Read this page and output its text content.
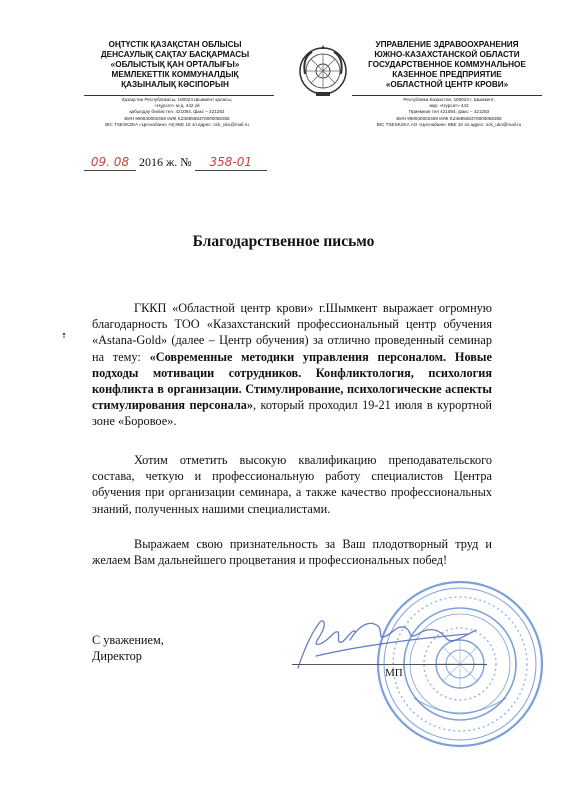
ОҢТҮСТІК ҚАЗАҚСТАН ОБЛЫСЫ
ДЕНСАУЛЫҚ САҚТАУ БАСҚАРМАСЫ
«ОБЛЫСТЫҚ ҚАН ОРТАЛЫҒЫ»
МЕМЛЕКЕТТІК КОММУНАЛДЫҚ
ҚАЗЫНАЛЫҚ КӘСІПОРЫН
УПРАВЛЕНИЕ ЗДРАВООХРАНЕНИЯ
ЮЖНО-КАЗАХСТАНСКОЙ ОБЛАСТИ
ГОСУДАРСТВЕННОЕ КОММУНАЛЬНОЕ
КАЗЕННОЕ ПРЕДПРИЯТИЕ
«ОБЛАСТНОЙ ЦЕНТР КРОВИ»
Қазақстан Республикасы, 160024 Шымкент қаласы,
«Нұрсәт» м-д, 442 үй
қабылдау бөлімі тел. 421084, факс – 421283
БИН 990940002459 ИИК KZ488568370000058358
BIC TSESKZKA «Цеснабанк» АҚ КБЕ 16 эл.адрес: ock_uko@mail.ru
Республика Казахстан, 160024 г. Шымкент,
мкр. «Нурсат» 442
Приемная тел 421084, факс – 421283
БИН 990940002459 ИИК KZ488568370000058358
BIC TSESKZKA АО «Цеснабанк» КБЕ 16 эл.адрес: ock_uko@mail.ru
09. 08 2016 ж. № 358-01
Благодарственное письмо

ГККП «Областной центр крови» г.Шымкент выражает огромную благодарность ТОО «Казахстанский профессиональный центр обучения «Astana-Gold» (далее – Центр обучения) за отлично проведенный семинар на тему: «Современные методики управления персоналом. Новые подходы мотивации сотрудников. Конфликтология, психология конфликта в организации. Стимулирование, психологические аспекты стимулирования персонала», который проходил 19-21 июля в курортной зоне «Боровое».

Хотим отметить высокую квалификацию преподавательского состава, четкую и профессиональную работу специалистов Центра обучения при организации семинара, а также качество профессиональных знаний, полученных нашими специалистами.

Выражаем свою признательность за Ваш плодотворный труд и желаем Вам дальнейшего процветания и профессиональных побед!

С уважением,
Директор
МП
